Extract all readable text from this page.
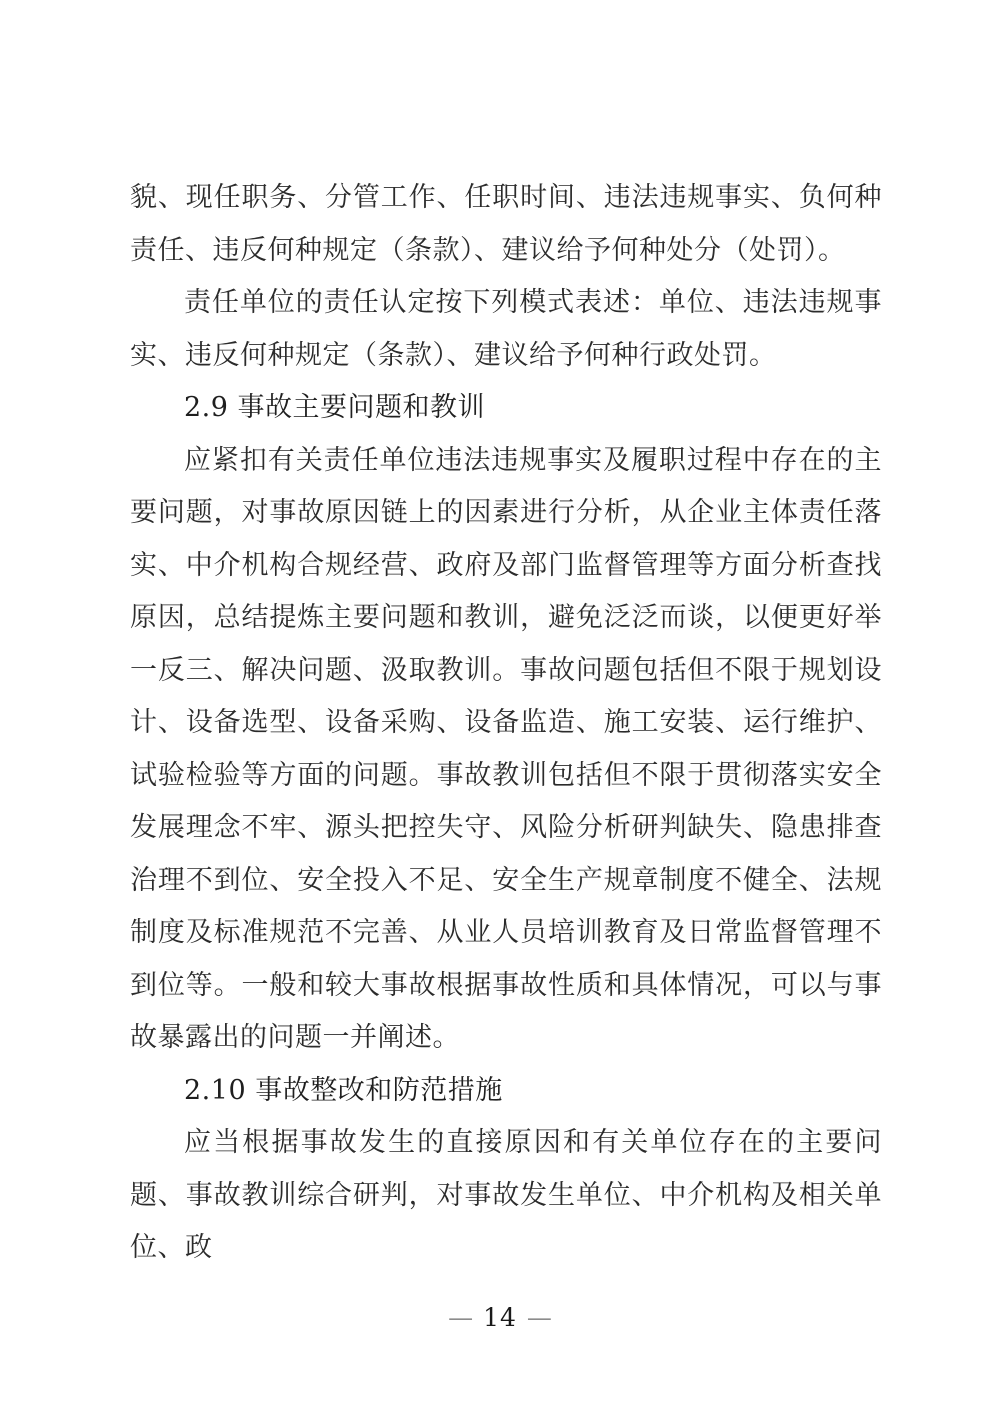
貌、现任职务、分管工作、任职时间、违法违规事实、负何种责任、违反何种规定（条款）、建议给予何种处分（处罚）。

责任单位的责任认定按下列模式表述：单位、违法违规事实、违反何种规定（条款）、建议给予何种行政处罚。

2.9 事故主要问题和教训

应紧扣有关责任单位违法违规事实及履职过程中存在的主要问题，对事故原因链上的因素进行分析，从企业主体责任落实、中介机构合规经营、政府及部门监督管理等方面分析查找原因，总结提炼主要问题和教训，避免泛泛而谈，以便更好举一反三、解决问题、汲取教训。事故问题包括但不限于规划设计、设备选型、设备采购、设备监造、施工安装、运行维护、试验检验等方面的问题。事故教训包括但不限于贯彻落实安全发展理念不牢、源头把控失守、风险分析研判缺失、隐患排查治理不到位、安全投入不足、安全生产规章制度不健全、法规制度及标准规范不完善、从业人员培训教育及日常监督管理不到位等。一般和较大事故根据事故性质和具体情况，可以与事故暴露出的问题一并阐述。

2.10 事故整改和防范措施

应当根据事故发生的直接原因和有关单位存在的主要问题、事故教训综合研判，对事故发生单位、中介机构及相关单位、政

— 14 —
